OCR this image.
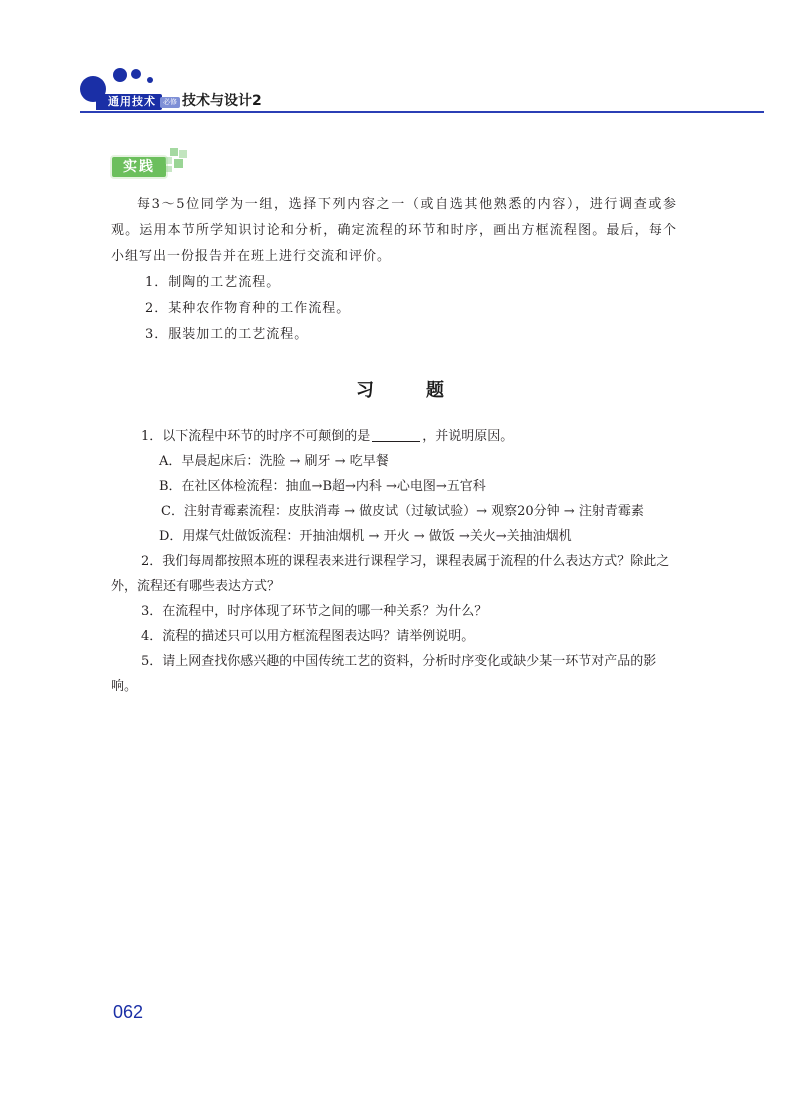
通用技术	必修 技术与设计2
实践

每3～5位同学为一组，选择下列内容之一（或自选其他熟悉的内容），进行调查或参观。运用本节所学知识讨论和分析，确定流程的环节和时序，画出方框流程图。最后，每个小组写出一份报告并在班上进行交流和评价。

1．制陶的工艺流程。
2．某种农作物育种的工作流程。
3．服装加工的工艺流程。
习	题

1．以下流程中环节的时序不可颠倒的是	，并说明原因。

A．早晨起床后：洗脸 → 刷牙 → 吃早餐

B．在社区体检流程：抽血→B超→内科 →心电图→五官科

C．注射青霉素流程：皮肤消毒 → 做皮试（过敏试验）→ 观察20分钟 → 注射青霉素

D．用煤气灶做饭流程：开抽油烟机 → 开火 → 做饭 →关火→关抽油烟机

2．我们每周都按照本班的课程表来进行课程学习，课程表属于流程的什么表达方式？除此之外，流程还有哪些表达方式？

3．在流程中，时序体现了环节之间的哪一种关系？为什么？

4．流程的描述只可以用方框流程图表达吗？请举例说明。

5．请上网查找你感兴趣的中国传统工艺的资料，分析时序变化或缺少某一环节对产品的影响。

062
